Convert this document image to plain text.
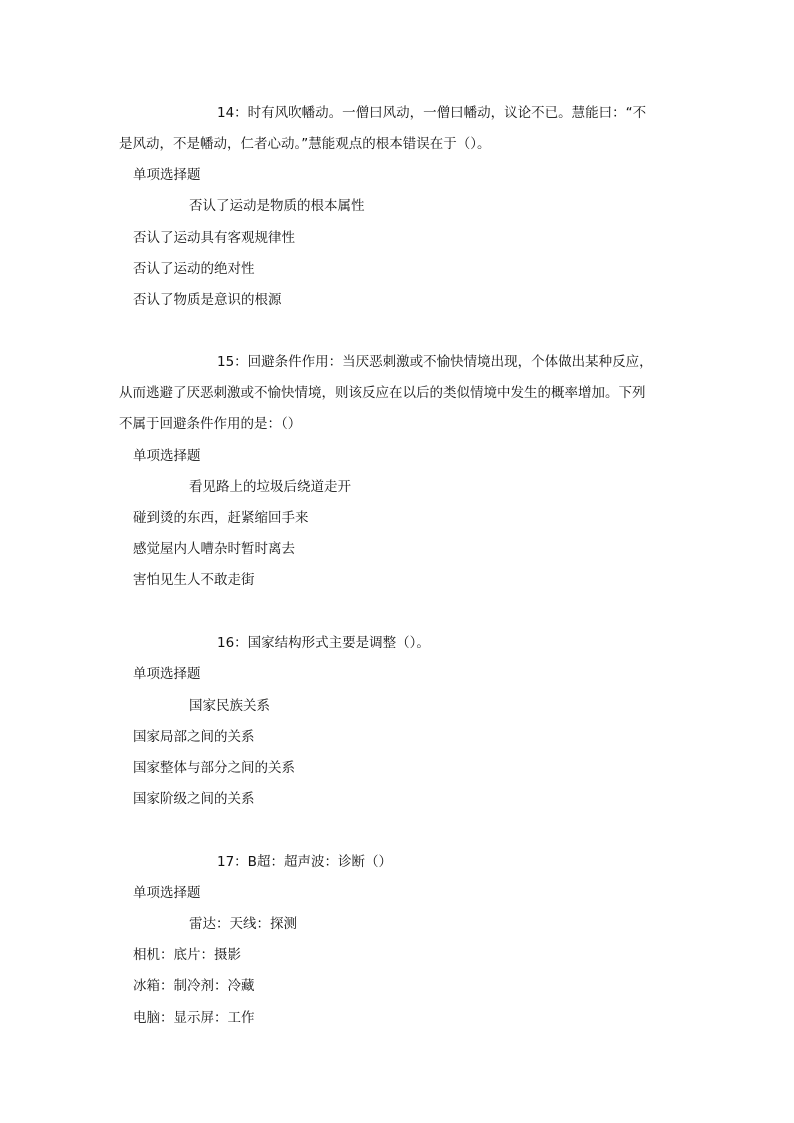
14：时有风吹幡动。一僧曰风动，一僧曰幡动，议论不已。慧能曰：“不
是风动，不是幡动，仁者心动。”慧能观点的根本错误在于（）。
单项选择题
否认了运动是物质的根本属性
否认了运动具有客观规律性
否认了运动的绝对性
否认了物质是意识的根源
15：回避条件作用：当厌恶刺激或不愉快情境出现，个体做出某种反应，
从而逃避了厌恶刺激或不愉快情境，则该反应在以后的类似情境中发生的概率增加。下列
不属于回避条件作用的是：（）
单项选择题
看见路上的垃圾后绕道走开
碰到烫的东西，赶紧缩回手来
感觉屋内人嘈杂时暂时离去
害怕见生人不敢走街
16：国家结构形式主要是调整（）。
单项选择题
国家民族关系
国家局部之间的关系
国家整体与部分之间的关系
国家阶级之间的关系
17：B超：超声波：诊断（）
单项选择题
雷达：天线：探测
相机：底片：摄影
冰箱：制冷剂：冷藏
电脑：显示屏：工作
